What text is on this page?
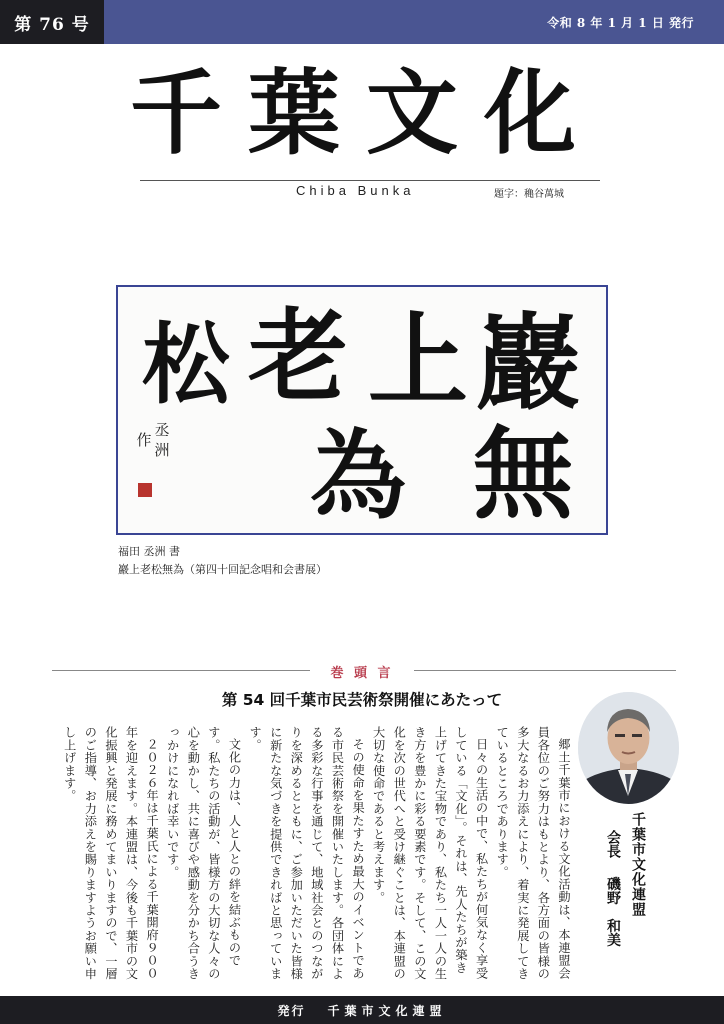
第 76 号	令和 8 年 1 月 1 日 発行
千 葉 文 化
Chiba Bunka	題字：穐谷萬城
巖
上
老
松
無
為
丞
洲
作
福田 丞洲 書
巖上老松無為（第四十回記念唱和会書展）
巻 頭 言
第 54 回千葉市民芸術祭開催にあたって

郷土千葉市における文化活動は、本連盟会員各位のご努力はもとより、各方面の皆様の多大なるお力添えにより、着実に発展してきているところであります。

日々の生活の中で、私たちが何気なく享受している「文化」。それは、先人たちが築き上げてきた宝物であり、私たち一人一人の生き方を豊かに彩る要素です。そして、この文化を次の世代へと受け継ぐことは、本連盟の大切な使命であると考えます。

その使命を果たすため最大のイベントである市民芸術祭を開催いたします。各団体による多彩な行事を通じて、地域社会とのつながりを深めるとともに、ご参加いただいた皆様に新たな気づきを提供できればと思っています。

文化の力は、人と人との絆を結ぶものです。私たちの活動が、皆様方の大切な人々の心を動かし、共に喜びや感動を分かち合うきっかけになれば幸いです。

２０２６年は千葉氏による千葉開府９００年を迎えます。本連盟は、今後も千葉市の文化振興と発展に務めてまいりますので、一層のご指導、お力添えを賜りますようお願い申し上げます。

千葉市文化連盟
会長 磯野　和美
発行 千葉市文化連盟
